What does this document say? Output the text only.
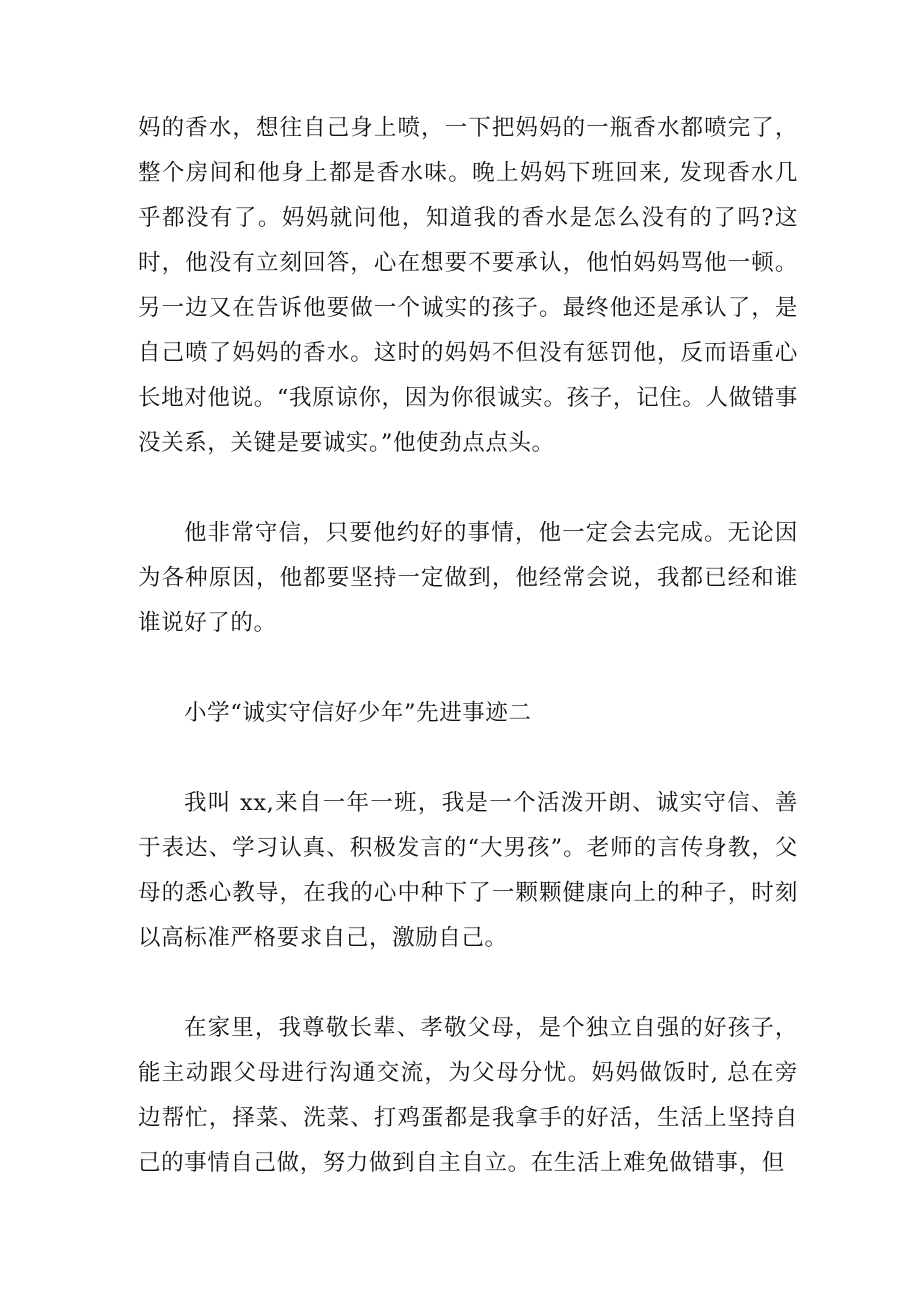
妈的香水，想往自己身上喷，一下把妈妈的一瓶香水都喷完了，整个房间和他身上都是香水味。晚上妈妈下班回来, 发现香水几乎都没有了。妈妈就问他，知道我的香水是怎么没有的了吗?这时，他没有立刻回答，心在想要不要承认，他怕妈妈骂他一顿。另一边又在告诉他要做一个诚实的孩子。最终他还是承认了，是自己喷了妈妈的香水。这时的妈妈不但没有惩罚他，反而语重心长地对他说。“我原谅你，因为你很诚实。孩子，记住。人做错事没关系，关键是要诚实。”他使劲点点头。

他非常守信，只要他约好的事情，他一定会去完成。无论因为各种原因，他都要坚持一定做到，他经常会说，我都已经和谁谁说好了的。

小学“诚实守信好少年”先进事迹二

我叫 xx,来自一年一班，我是一个活泼开朗、诚实守信、善于表达、学习认真、积极发言的“大男孩”。老师的言传身教，父母的悉心教导，在我的心中种下了一颗颗健康向上的种子，时刻以高标准严格要求自己，激励自己。

在家里，我尊敬长辈、孝敬父母，是个独立自强的好孩子，能主动跟父母进行沟通交流，为父母分忧。妈妈做饭时, 总在旁边帮忙，择菜、洗菜、打鸡蛋都是我拿手的好活，生活上坚持自己的事情自己做，努力做到自主自立。在生活上难免做错事，但
